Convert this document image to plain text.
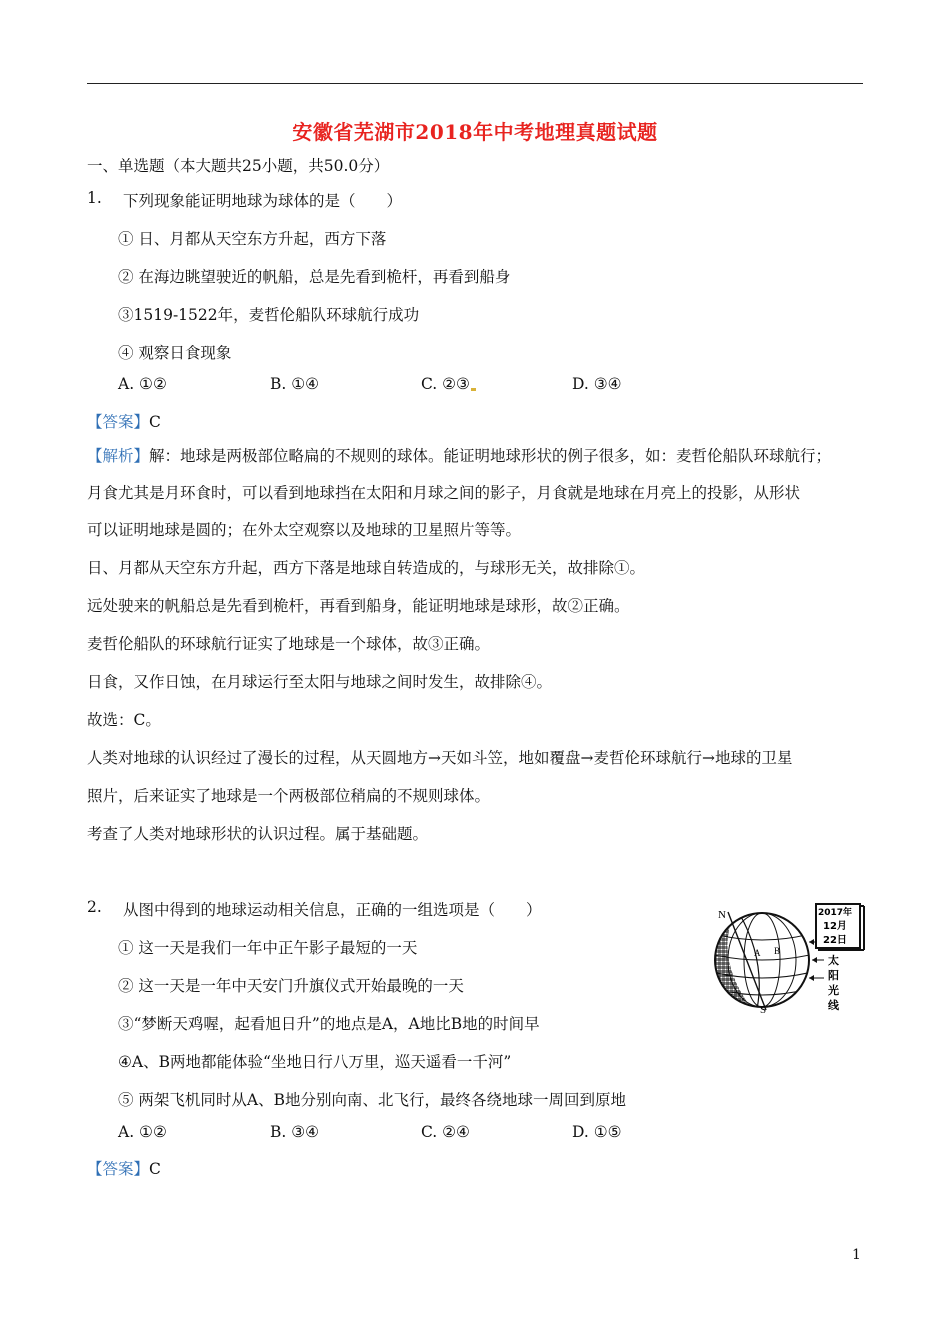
安徽省芜湖市2018年中考地理真题试题
一、单选题（本大题共25小题，共50.0分）
1. 下列现象能证明地球为球体的是（　　）
① 日、月都从天空东方升起，西方下落
② 在海边眺望驶近的帆船，总是先看到桅杆，再看到船身
③1519-1522年，麦哲伦船队环球航行成功
④ 观察日食现象
A. ①②	B. ①④	C. ②③	D. ③④
【答案】C
【解析】解：地球是两极部位略扁的不规则的球体。能证明地球形状的例子很多，如：麦哲伦船队环球航行；
月食尤其是月环食时，可以看到地球挡在太阳和月球之间的影子，月食就是地球在月亮上的投影，从形状
可以证明地球是圆的；在外太空观察以及地球的卫星照片等等。
日、月都从天空东方升起，西方下落是地球自转造成的，与球形无关，故排除①。
远处驶来的帆船总是先看到桅杆，再看到船身，能证明地球是球形，故②正确。
麦哲伦船队的环球航行证实了地球是一个球体，故③正确。
日食，又作日蚀，在月球运行至太阳与地球之间时发生，故排除④。
故选：C。
人类对地球的认识经过了漫长的过程，从天圆地方→天如斗笠，地如覆盘→麦哲伦环球航行→地球的卫星
照片，后来证实了地球是一个两极部位稍扁的不规则球体。
考查了人类对地球形状的认识过程。属于基础题。
2. 从图中得到的地球运动相关信息，正确的一组选项是（　　）
① 这一天是我们一年中正午影子最短的一天
② 这一天是一年中天安门升旗仪式开始最晚的一天
③“梦断天鸡喔，起看旭日升”的地点是A，A地比B地的时间早
④A、B两地都能体验“坐地日行八万里，巡天遥看一千河”
⑤ 两架飞机同时从A、B地分别向南、北飞行，最终各绕地球一周回到原地
A. ①②	B. ③④	C. ②④	D. ①⑤
【答案】C
N
S
A B
2017年
12月
22日
太
阳
光
线
1
